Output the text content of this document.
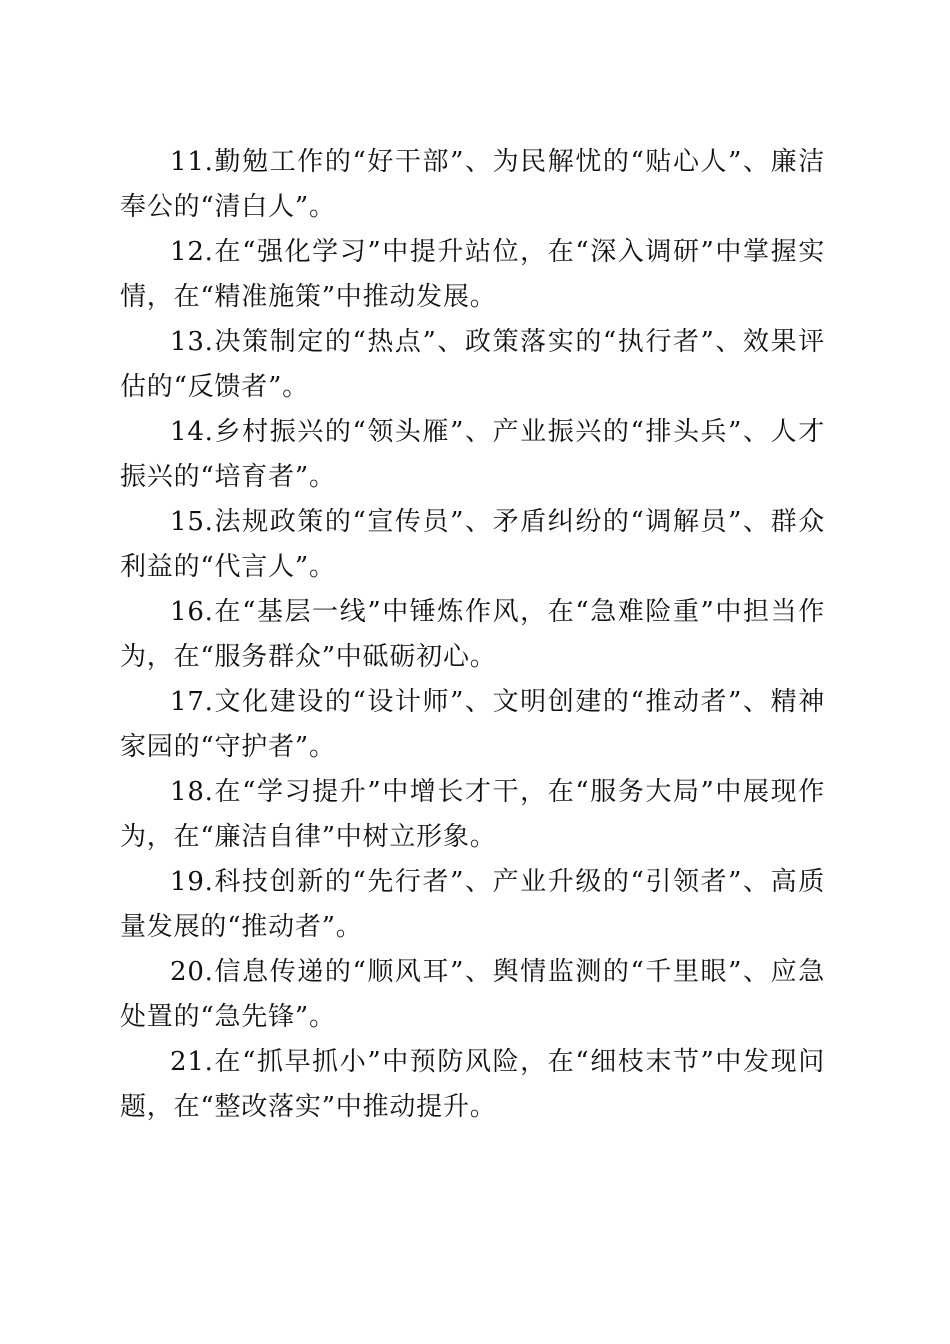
11.勤勉工作的“好干部”、为民解忧的“贴心人”、廉洁奉公的“清白人”。

12.在“强化学习”中提升站位，在“深入调研”中掌握实情，在“精准施策”中推动发展。

13.决策制定的“热点”、政策落实的“执行者”、效果评估的“反馈者”。

14.乡村振兴的“领头雁”、产业振兴的“排头兵”、人才振兴的“培育者”。

15.法规政策的“宣传员”、矛盾纠纷的“调解员”、群众利益的“代言人”。

16.在“基层一线”中锤炼作风，在“急难险重”中担当作为，在“服务群众”中砥砺初心。

17.文化建设的“设计师”、文明创建的“推动者”、精神家园的“守护者”。

18.在“学习提升”中增长才干，在“服务大局”中展现作为，在“廉洁自律”中树立形象。

19.科技创新的“先行者”、产业升级的“引领者”、高质量发展的“推动者”。

20.信息传递的“顺风耳”、舆情监测的“千里眼”、应急处置的“急先锋”。

21.在“抓早抓小”中预防风险，在“细枝末节”中发现问题，在“整改落实”中推动提升。
